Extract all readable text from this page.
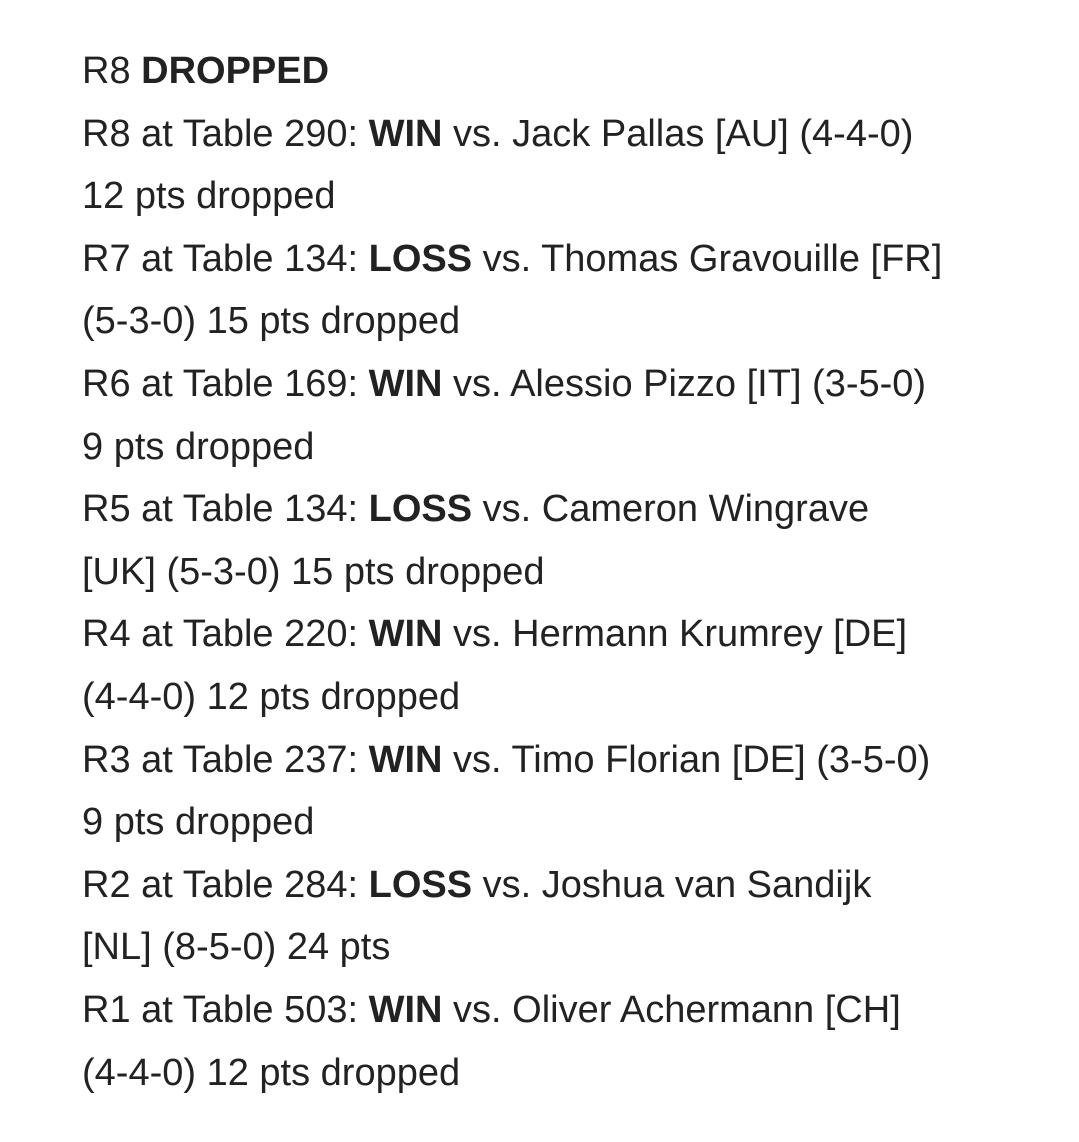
R8 DROPPED
R8 at Table 290: WIN vs. Jack Pallas [AU] (4-4-0)
12 pts dropped
R7 at Table 134: LOSS vs. Thomas Gravouille [FR]
(5-3-0) 15 pts dropped
R6 at Table 169: WIN vs. Alessio Pizzo [IT] (3-5-0)
9 pts dropped
R5 at Table 134: LOSS vs. Cameron Wingrave
[UK] (5-3-0) 15 pts dropped
R4 at Table 220: WIN vs. Hermann Krumrey [DE]
(4-4-0) 12 pts dropped
R3 at Table 237: WIN vs. Timo Florian [DE] (3-5-0)
9 pts dropped
R2 at Table 284: LOSS vs. Joshua van Sandijk
[NL] (8-5-0) 24 pts
R1 at Table 503: WIN vs. Oliver Achermann [CH]
(4-4-0) 12 pts dropped
